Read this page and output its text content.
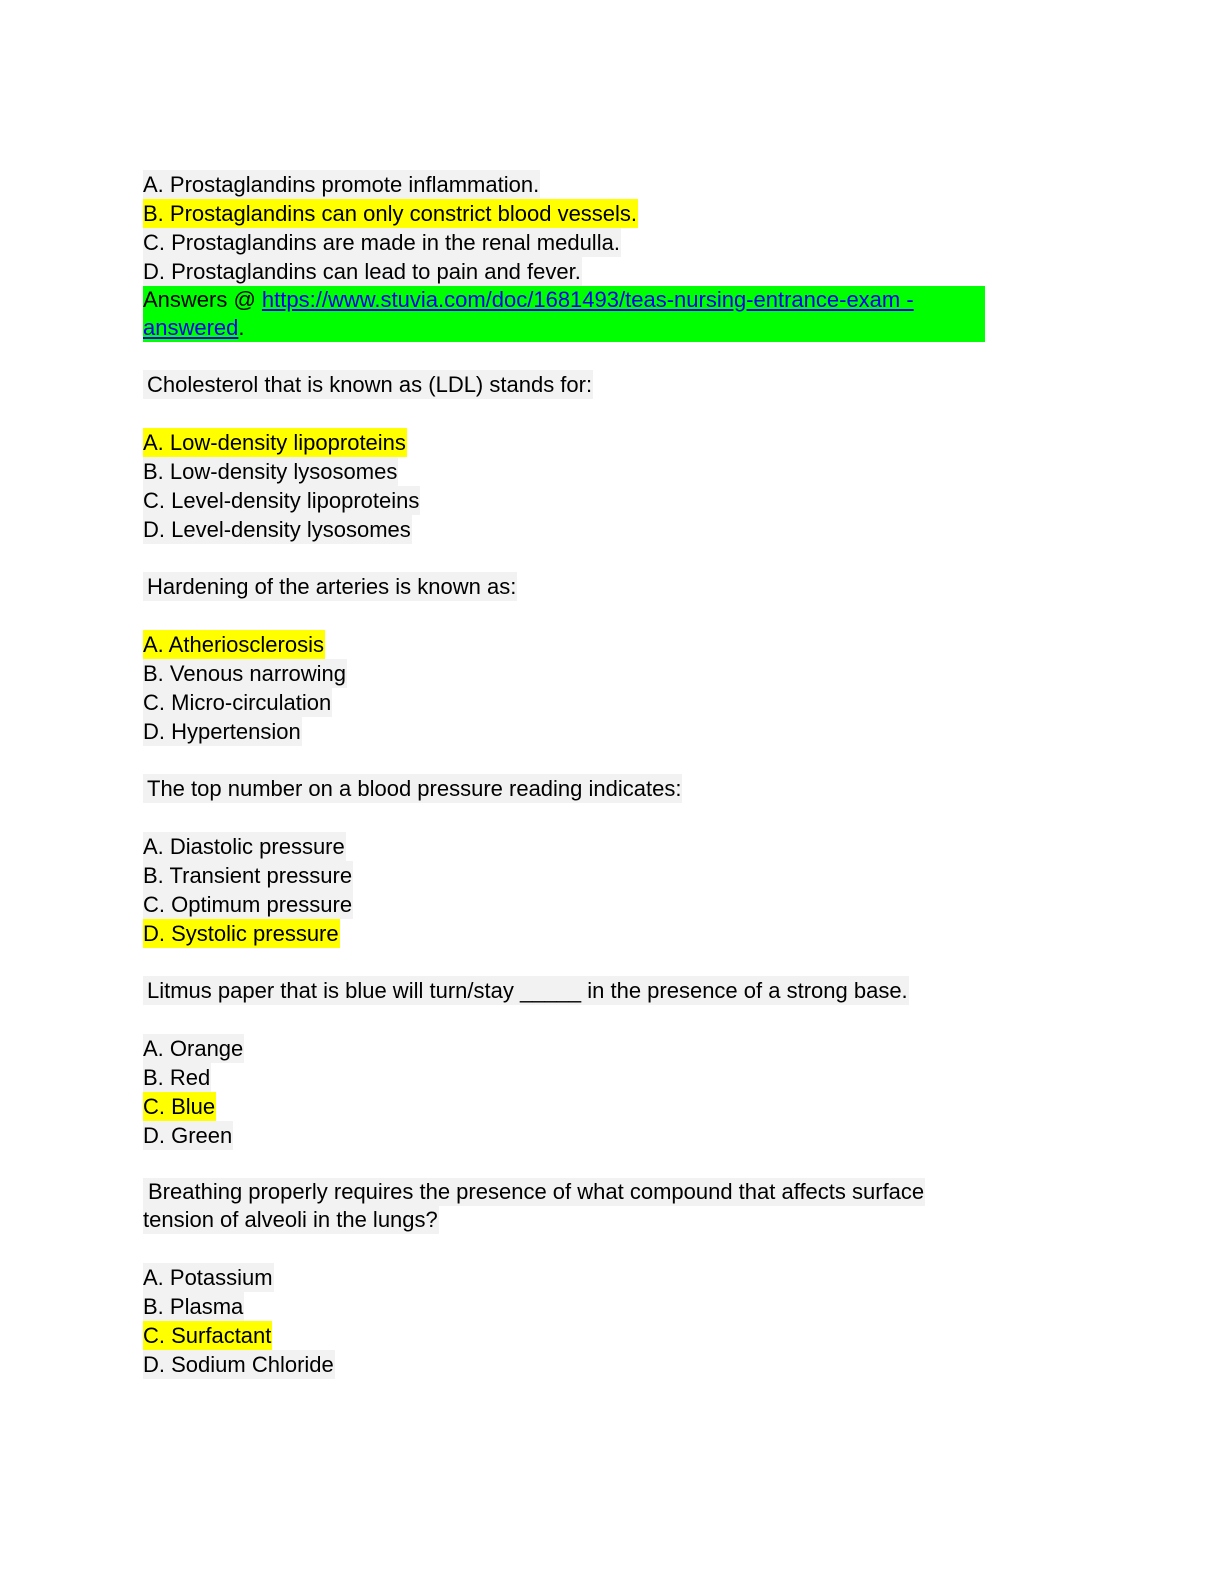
A. Prostaglandins promote inflammation.
B. Prostaglandins can only constrict blood vessels.
C. Prostaglandins are made in the renal medulla.
D. Prostaglandins can lead to pain and fever.
Answers @ https://www.stuvia.com/doc/1681493/teas-nursing-entrance-exam -
answered.
Cholesterol that is known as (LDL) stands for:
A. Low-density lipoproteins
B. Low-density lysosomes
C. Level-density lipoproteins
D. Level-density lysosomes
Hardening of the arteries is known as:
A. Atheriosclerosis
B. Venous narrowing
C. Micro-circulation
D. Hypertension
The top number on a blood pressure reading indicates:
A. Diastolic pressure
B. Transient pressure
C. Optimum pressure
D. Systolic pressure
Litmus paper that is blue will turn/stay _____ in the presence of a strong base.
A. Orange
B. Red
C. Blue
D. Green
Breathing properly requires the presence of what compound that affects surface
tension of alveoli in the lungs?
A. Potassium
B. Plasma
C. Surfactant
D. Sodium Chloride
